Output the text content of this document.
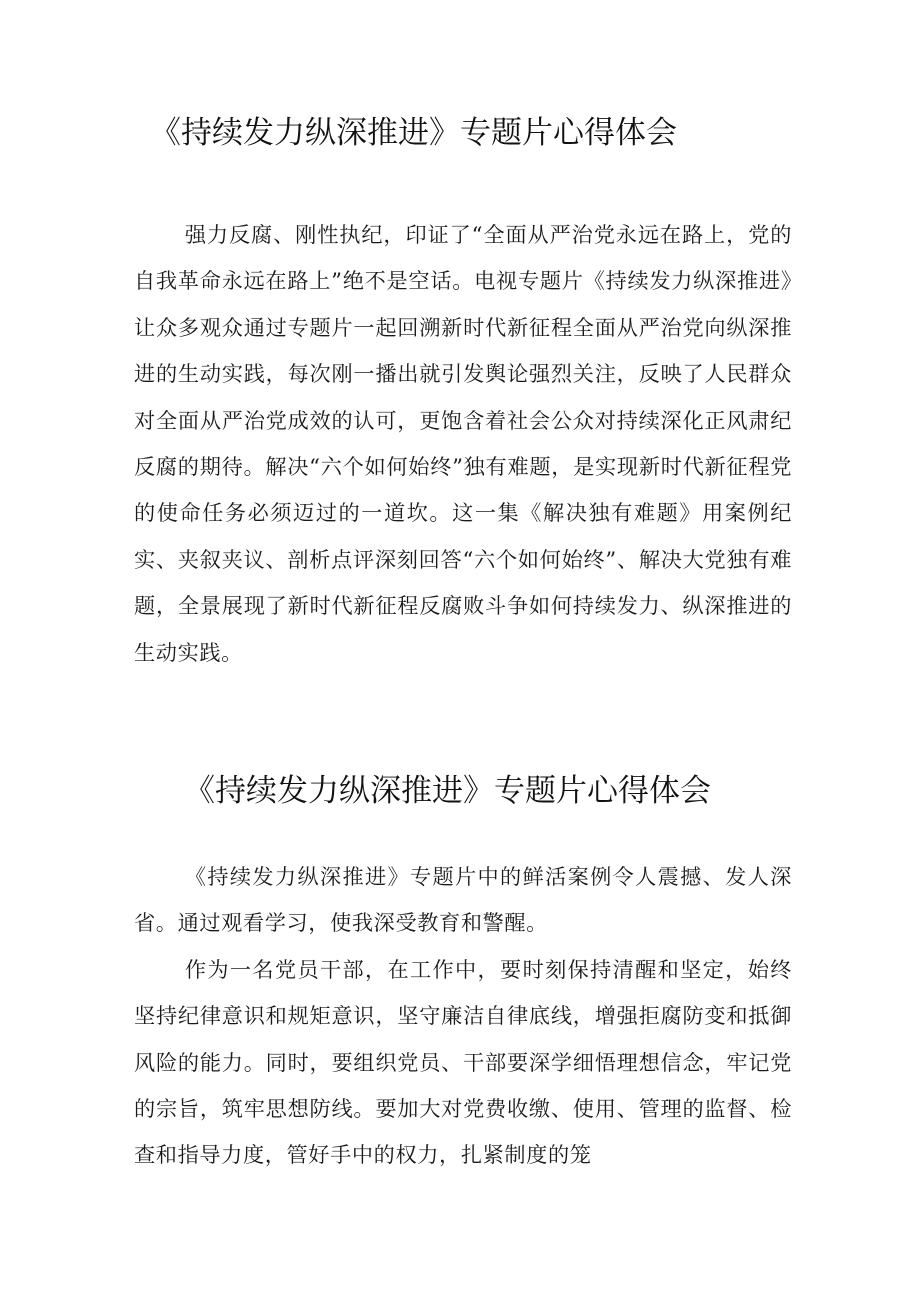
《持续发力纵深推进》专题片心得体会

强力反腐、刚性执纪，印证了“全面从严治党永远在路上，党的自我革命永远在路上”绝不是空话。电视专题片《持续发力纵深推进》让众多观众通过专题片一起回溯新时代新征程全面从严治党向纵深推进的生动实践，每次刚一播出就引发舆论强烈关注，反映了人民群众对全面从严治党成效的认可，更饱含着社会公众对持续深化正风肃纪反腐的期待。解决“六个如何始终”独有难题，是实现新时代新征程党的使命任务必须迈过的一道坎。这一集《解决独有难题》用案例纪实、夹叙夹议、剖析点评深刻回答“六个如何始终”、解决大党独有难题，全景展现了新时代新征程反腐败斗争如何持续发力、纵深推进的生动实践。

《持续发力纵深推进》专题片心得体会

《持续发力纵深推进》专题片中的鲜活案例令人震撼、发人深省。通过观看学习，使我深受教育和警醒。

作为一名党员干部，在工作中，要时刻保持清醒和坚定，始终坚持纪律意识和规矩意识，坚守廉洁自律底线，增强拒腐防变和抵御风险的能力。同时，要组织党员、干部要深学细悟理想信念，牢记党的宗旨，筑牢思想防线。要加大对党费收缴、使用、管理的监督、检查和指导力度，管好手中的权力，扎紧制度的笼
